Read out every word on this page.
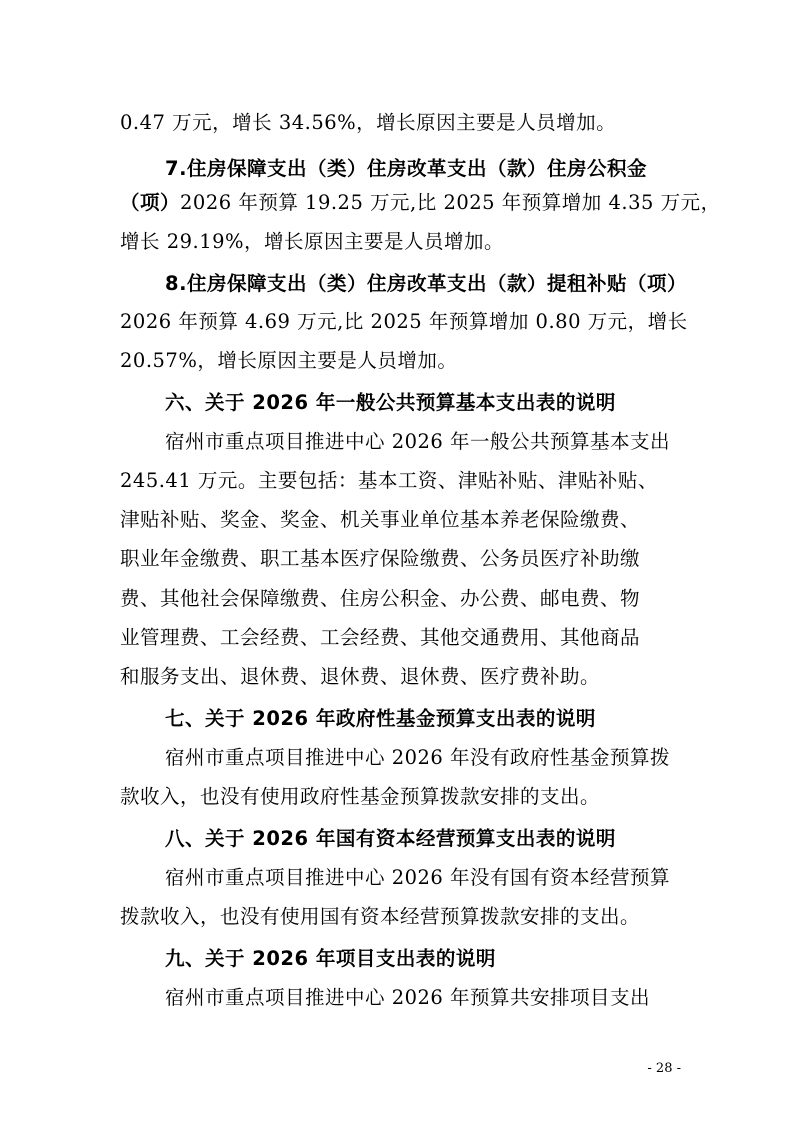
0.47 万元，增长 34.56%，增长原因主要是人员增加。
7.住房保障支出（类）住房改革支出（款）住房公积金
（项）2026 年预算 19.25 万元,比 2025 年预算增加 4.35 万元，
增长 29.19%，增长原因主要是人员增加。
8.住房保障支出（类）住房改革支出（款）提租补贴（项）
2026 年预算 4.69 万元,比 2025 年预算增加 0.80 万元，增长
20.57%，增长原因主要是人员增加。
六、关于 2026 年一般公共预算基本支出表的说明
宿州市重点项目推进中心 2026 年一般公共预算基本支出
245.41 万元。主要包括：基本工资、津贴补贴、津贴补贴、
津贴补贴、奖金、奖金、机关事业单位基本养老保险缴费、
职业年金缴费、职工基本医疗保险缴费、公务员医疗补助缴
费、其他社会保障缴费、住房公积金、办公费、邮电费、物
业管理费、工会经费、工会经费、其他交通费用、其他商品
和服务支出、退休费、退休费、退休费、医疗费补助。
七、关于 2026 年政府性基金预算支出表的说明
宿州市重点项目推进中心 2026 年没有政府性基金预算拨
款收入，也没有使用政府性基金预算拨款安排的支出。
八、关于 2026 年国有资本经营预算支出表的说明
宿州市重点项目推进中心 2026 年没有国有资本经营预算
拨款收入，也没有使用国有资本经营预算拨款安排的支出。
九、关于 2026 年项目支出表的说明
宿州市重点项目推进中心 2026 年预算共安排项目支出
- 28 -
